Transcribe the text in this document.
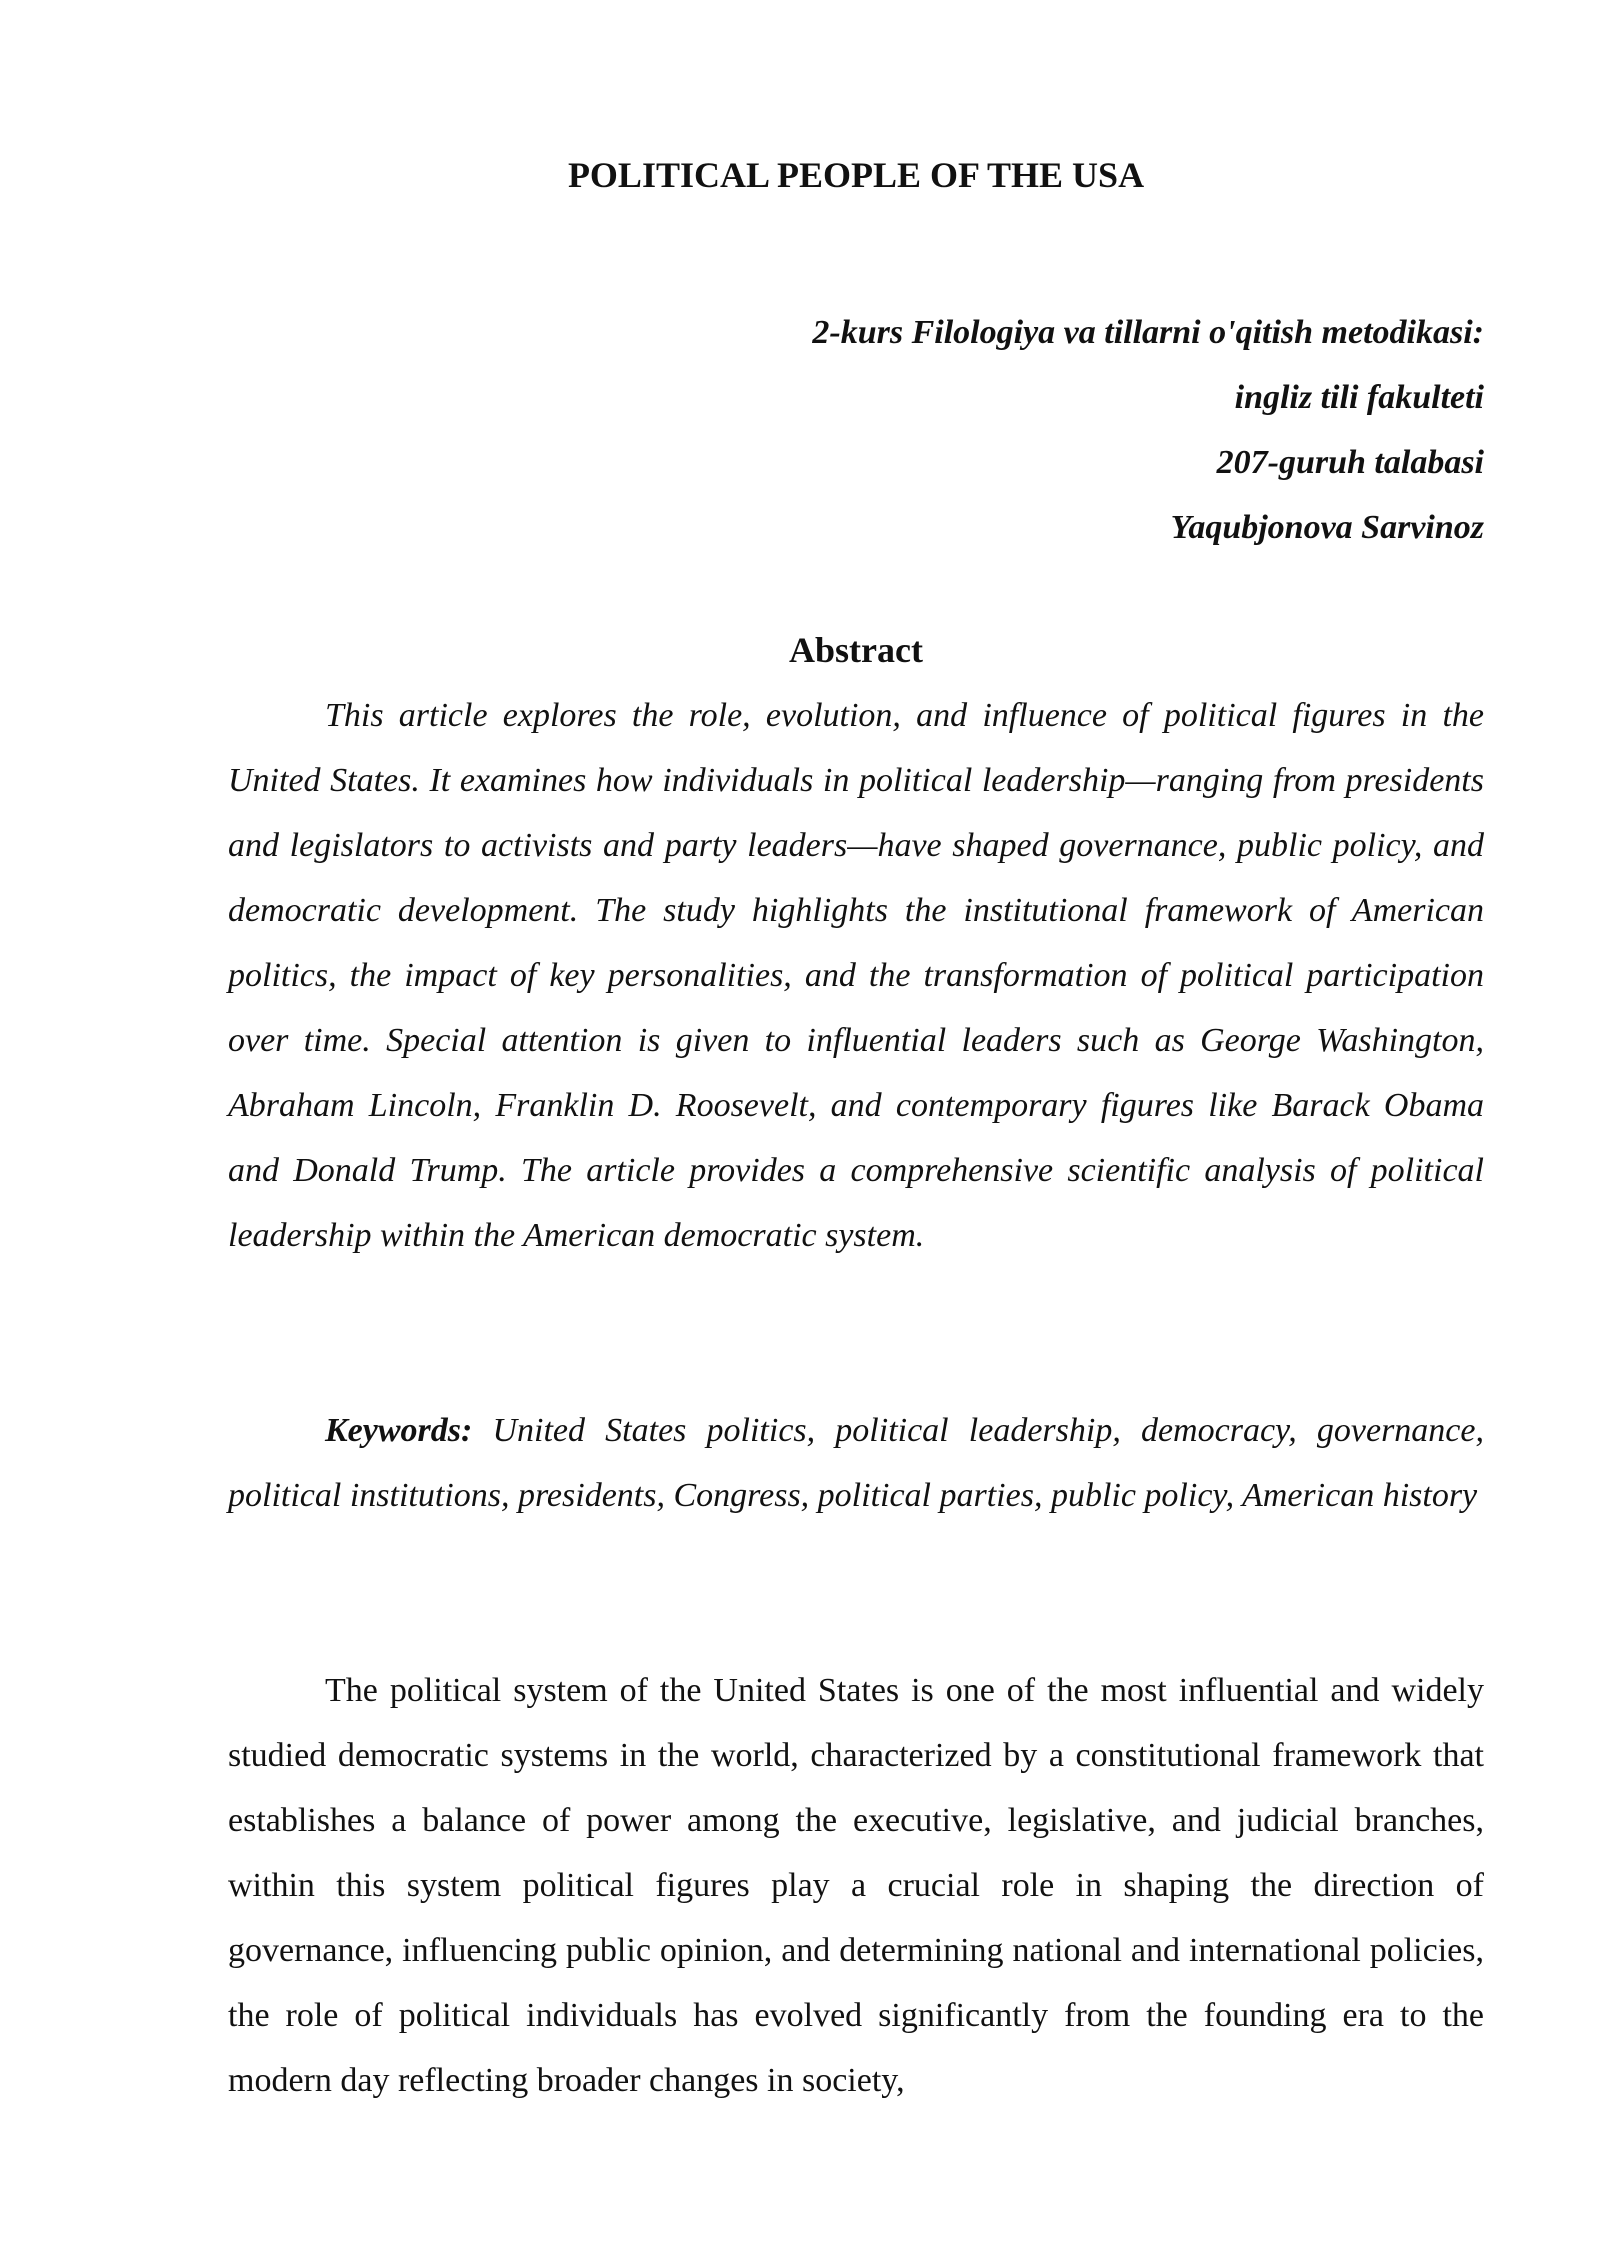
POLITICAL PEOPLE OF THE USA
2-kurs Filologiya va tillarni o'qitish metodikasi:
ingliz tili fakulteti
207-guruh talabasi
Yaqubjonova Sarvinoz
Abstract

This article explores the role, evolution, and influence of political figures in the United States. It examines how individuals in political leadership—ranging from presidents and legislators to activists and party leaders—have shaped governance, public policy, and democratic development. The study highlights the institutional framework of American politics, the impact of key personalities, and the transformation of political participation over time. Special attention is given to influential leaders such as George Washington, Abraham Lincoln, Franklin D. Roosevelt, and contemporary figures like Barack Obama and Donald Trump. The article provides a comprehensive scientific analysis of political leadership within the American democratic system.

Keywords: United States politics, political leadership, democracy, governance, political institutions, presidents, Congress, political parties, public policy, American history

The political system of the United States is one of the most influential and widely studied democratic systems in the world, characterized by a constitutional framework that establishes a balance of power among the executive, legislative, and judicial branches, within this system political figures play a crucial role in shaping the direction of governance, influencing public opinion, and determining national and international policies, the role of political individuals has evolved significantly from the founding era to the modern day reflecting broader changes in society,
